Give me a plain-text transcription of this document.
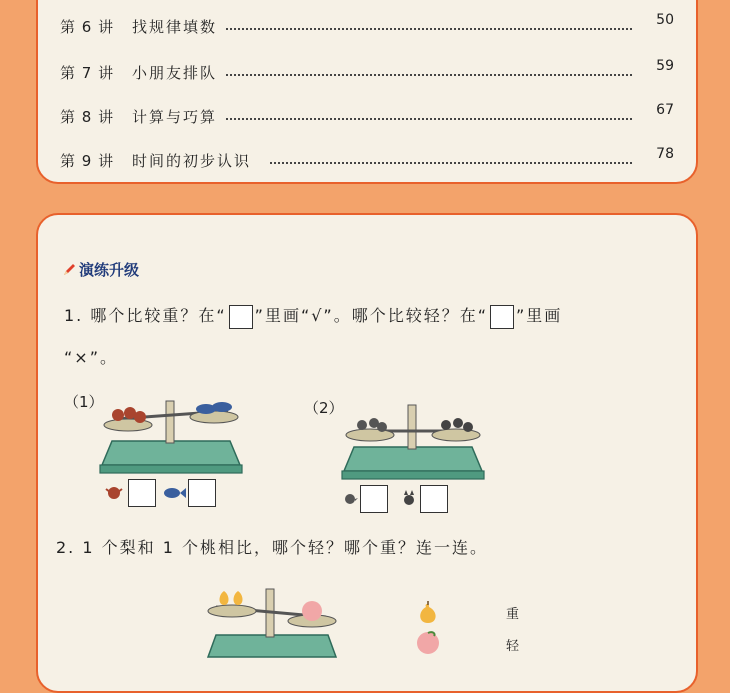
第 6 讲 找规律填数	50
第 7 讲 小朋友排队	59
第 8 讲 计算与巧算	67
第 9 讲 时间的初步认识	78
演练升级
1. 哪个比较重？在“ ”里画“√”。哪个比较轻？在“ ”里画
“×”。
（1）	（2）
2. 1 个梨和 1 个桃相比，哪个轻？哪个重？连一连。
重
轻
